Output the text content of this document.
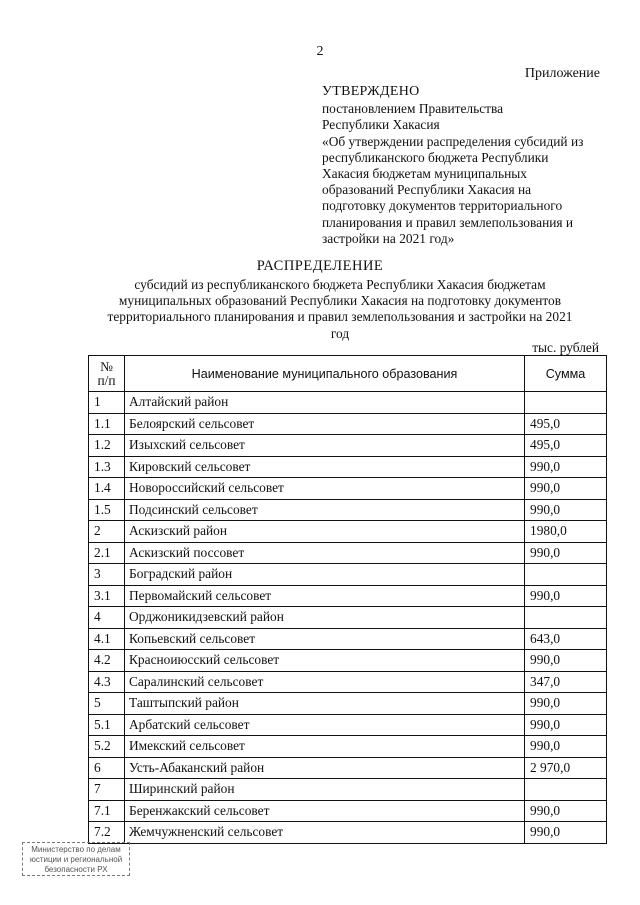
2
Приложение
УТВЕРЖДЕНО
постановлением Правительства
Республики Хакасия
«Об утверждении распределения субсидий из
республиканского бюджета Республики
Хакасия бюджетам муниципальных
образований Республики Хакасия на
подготовку документов территориального
планирования и правил землепользования и
застройки на 2021 год»
РАСПРЕДЕЛЕНИЕ
субсидий из республиканского бюджета Республики Хакасия бюджетам
муниципальных образований Республики Хакасия на подготовку документов
территориального планирования и правил землепользования и застройки на 2021
год
тыс. рублей
№
п/п	Наименование муниципального образования	Сумма
1	Алтайский район	
1.1	Белоярский сельсовет	495,0
1.2	Изыхский сельсовет	495,0
1.3	Кировский сельсовет	990,0
1.4	Новороссийский сельсовет	990,0
1.5	Подсинский сельсовет	990,0
2	Аскизский район	1980,0
2.1	Аскизский поссовет	990,0
3	Боградский район	
3.1	Первомайский сельсовет	990,0
4	Орджоникидзевский район	
4.1	Копьевский сельсовет	643,0
4.2	Красноиюсский сельсовет	990,0
4.3	Саралинский сельсовет	347,0
5	Таштыпский район	990,0
5.1	Арбатский сельсовет	990,0
5.2	Имекский сельсовет	990,0
6	Усть-Абаканский район	2 970,0
7	Ширинский район	
7.1	Беренжакский сельсовет	990,0
7.2	Жемчужненский сельсовет	990,0
Министерство по делам
юстиции и региональной
безопасности РХ
